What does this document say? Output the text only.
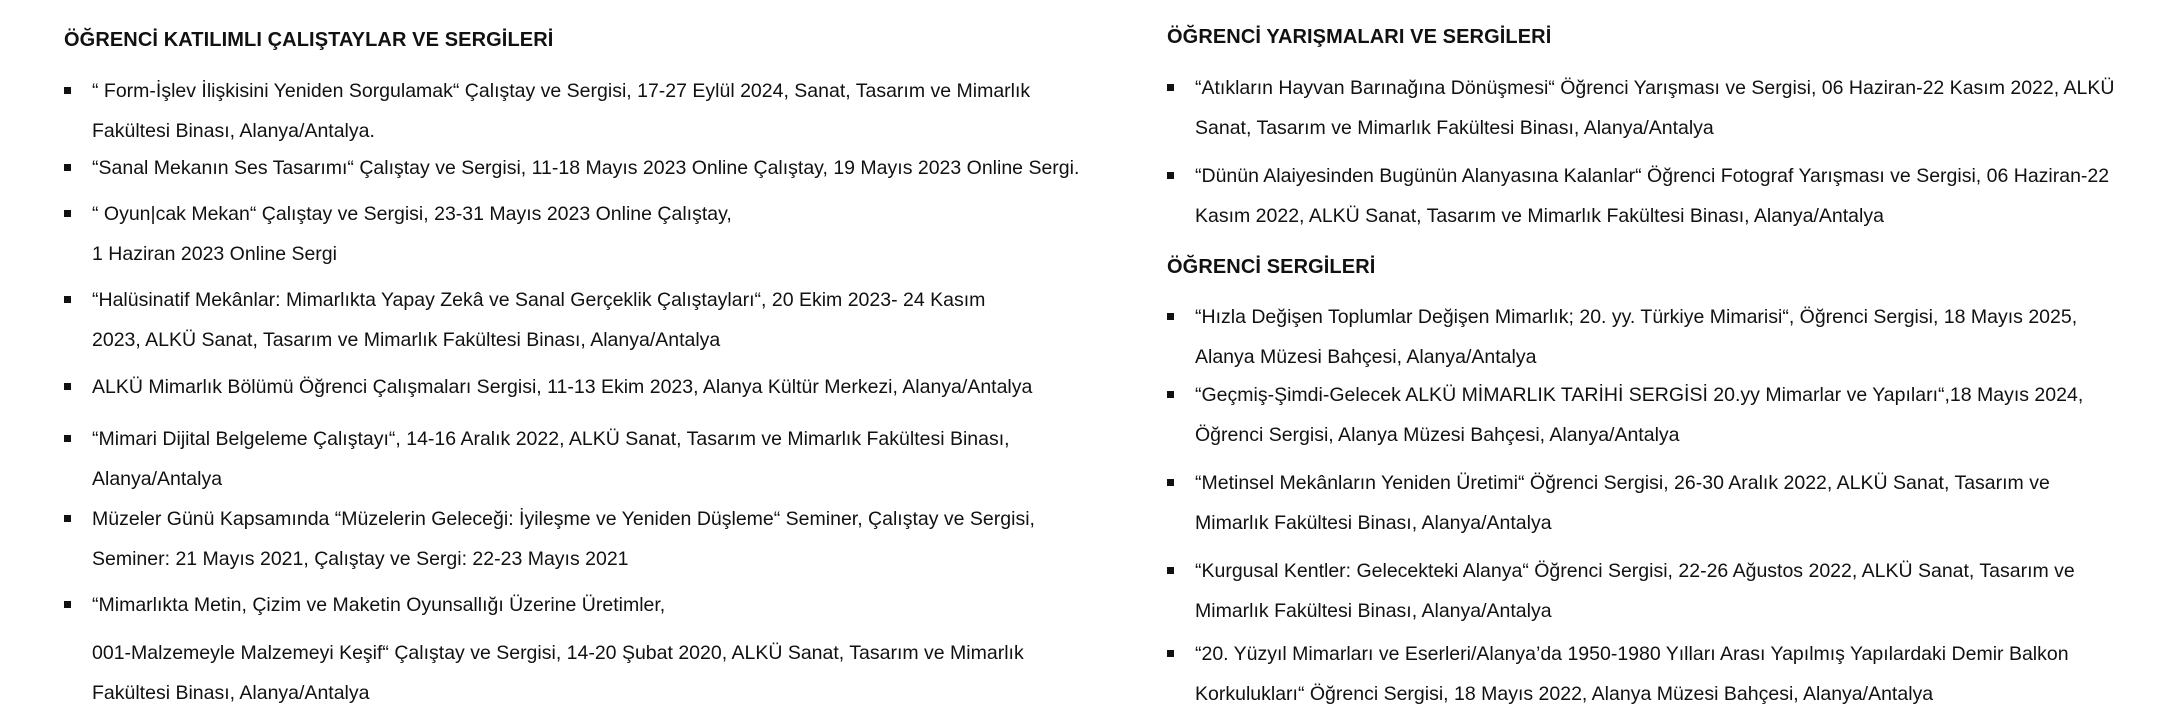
ÖĞRENCİ KATILIMLI ÇALIŞTAYLAR VE SERGİLERİ
“ Form-İşlev İlişkisini Yeniden Sorgulamak“ Çalıştay ve Sergisi, 17-27 Eylül 2024, Sanat, Tasarım ve Mimarlık
Fakültesi Binası, Alanya/Antalya.
“Sanal Mekanın Ses Tasarımı“ Çalıştay ve Sergisi, 11-18 Mayıs 2023 Online Çalıştay, 19 Mayıs 2023 Online Sergi.
“ Oyun|cak Mekan“ Çalıştay ve Sergisi, 23-31 Mayıs 2023 Online Çalıştay,
1 Haziran 2023 Online Sergi
“Halüsinatif Mekânlar: Mimarlıkta Yapay Zekâ ve Sanal Gerçeklik Çalıştayları“, 20 Ekim 2023- 24 Kasım
2023, ALKÜ Sanat, Tasarım ve Mimarlık Fakültesi Binası, Alanya/Antalya
ALKÜ Mimarlık Bölümü Öğrenci Çalışmaları Sergisi, 11-13 Ekim 2023, Alanya Kültür Merkezi, Alanya/Antalya
“Mimari Dijital Belgeleme Çalıştayı“, 14-16 Aralık 2022, ALKÜ Sanat, Tasarım ve Mimarlık Fakültesi Binası,
Alanya/Antalya
Müzeler Günü Kapsamında “Müzelerin Geleceği: İyileşme ve Yeniden Düşleme“ Seminer, Çalıştay ve Sergisi,
Seminer: 21 Mayıs 2021, Çalıştay ve Sergi: 22-23 Mayıs 2021
“Mimarlıkta Metin, Çizim ve Maketin Oyunsallığı Üzerine Üretimler,
001-Malzemeyle Malzemeyi Keşif“ Çalıştay ve Sergisi, 14-20 Şubat 2020, ALKÜ Sanat, Tasarım ve Mimarlık
Fakültesi Binası, Alanya/Antalya
ÖĞRENCİ YARIŞMALARI VE SERGİLERİ
“Atıkların Hayvan Barınağına Dönüşmesi“ Öğrenci Yarışması ve Sergisi, 06 Haziran-22 Kasım 2022, ALKÜ
Sanat, Tasarım ve Mimarlık Fakültesi Binası, Alanya/Antalya
“Dünün Alaiyesinden Bugünün Alanyasına Kalanlar“ Öğrenci Fotograf Yarışması ve Sergisi, 06 Haziran-22
Kasım 2022, ALKÜ Sanat, Tasarım ve Mimarlık Fakültesi Binası, Alanya/Antalya
ÖĞRENCİ SERGİLERİ
“Hızla Değişen Toplumlar Değişen Mimarlık; 20. yy. Türkiye Mimarisi“, Öğrenci Sergisi, 18 Mayıs 2025,
Alanya Müzesi Bahçesi, Alanya/Antalya
“Geçmiş-Şimdi-Gelecek ALKÜ MİMARLIK TARİHİ SERGİSİ 20.yy Mimarlar ve Yapıları“,18 Mayıs 2024,
Öğrenci Sergisi, Alanya Müzesi Bahçesi, Alanya/Antalya
“Metinsel Mekânların Yeniden Üretimi“ Öğrenci Sergisi, 26-30 Aralık 2022, ALKÜ Sanat, Tasarım ve
Mimarlık Fakültesi Binası, Alanya/Antalya
“Kurgusal Kentler: Gelecekteki Alanya“ Öğrenci Sergisi, 22-26 Ağustos 2022, ALKÜ Sanat, Tasarım ve
Mimarlık Fakültesi Binası, Alanya/Antalya
“20. Yüzyıl Mimarları ve Eserleri/Alanya’da 1950-1980 Yılları Arası Yapılmış Yapılardaki Demir Balkon
Korkulukları“ Öğrenci Sergisi, 18 Mayıs 2022, Alanya Müzesi Bahçesi, Alanya/Antalya
